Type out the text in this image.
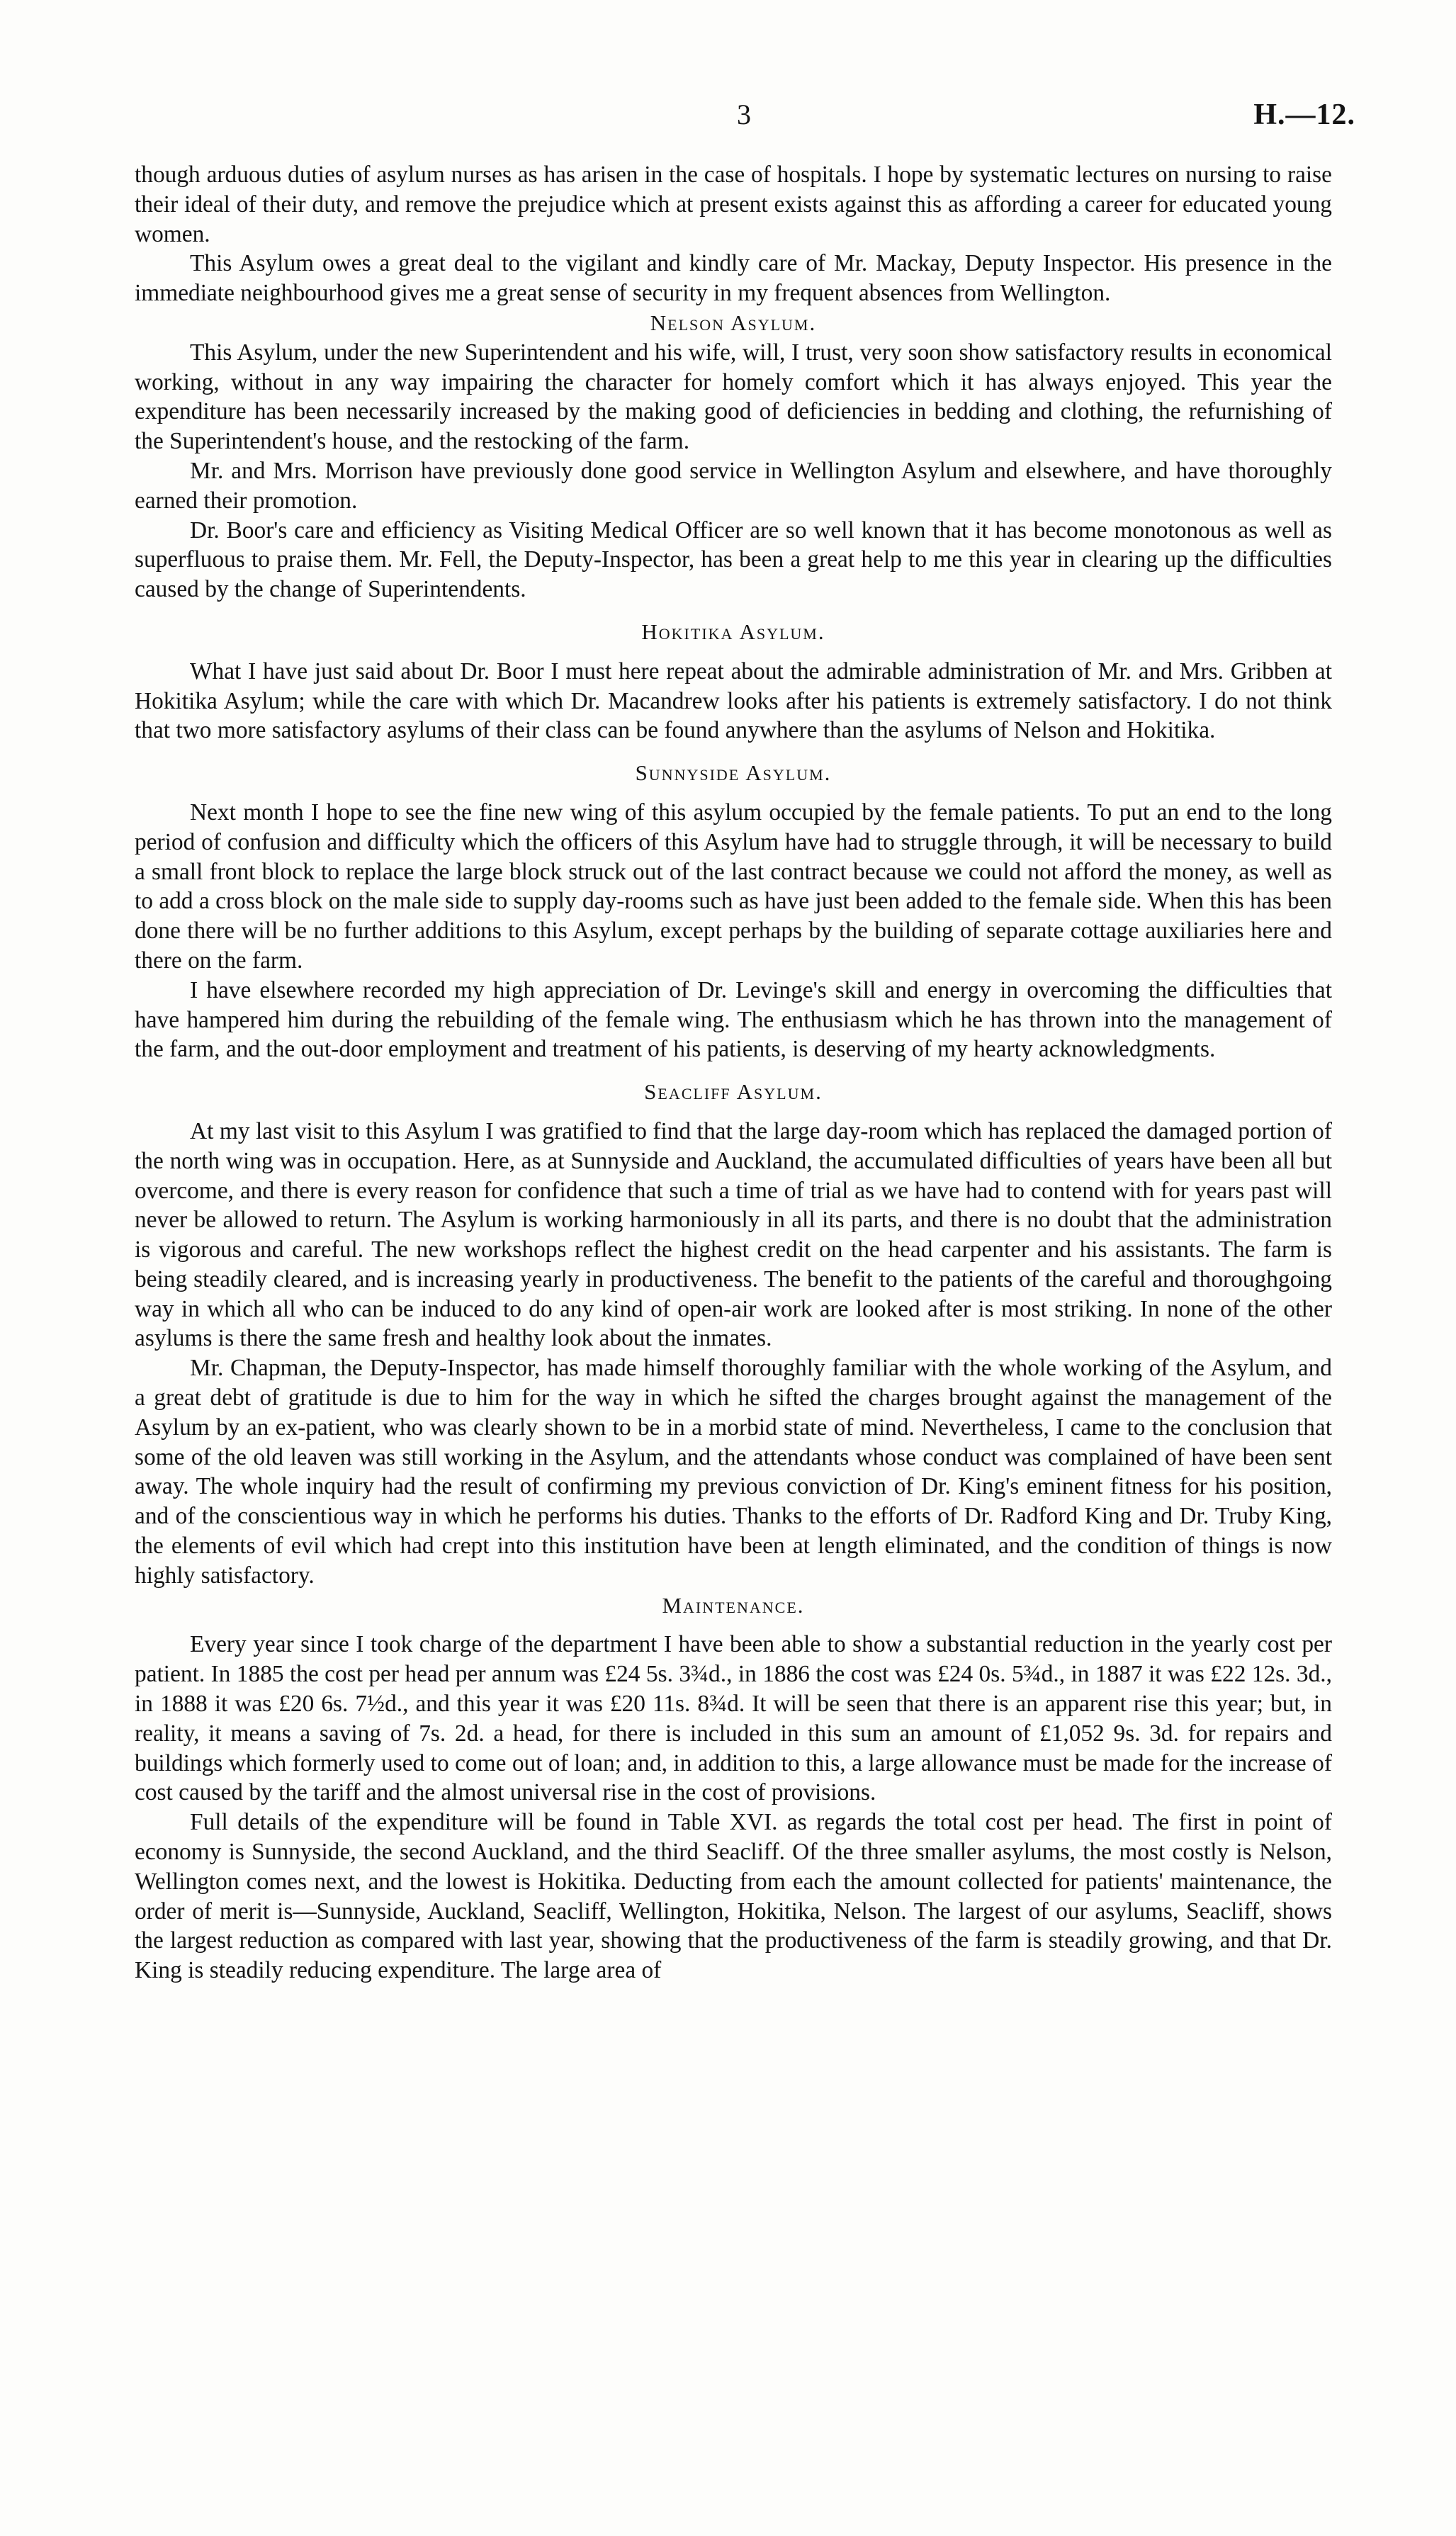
3	H.—12.

though arduous duties of asylum nurses as has arisen in the case of hospitals. I hope by systematic lectures on nursing to raise their ideal of their duty, and remove the prejudice which at present exists against this as affording a career for educated young women.

This Asylum owes a great deal to the vigilant and kindly care of Mr. Mackay, Deputy Inspector. His presence in the immediate neighbourhood gives me a great sense of security in my frequent absences from Wellington.

Nelson Asylum.

This Asylum, under the new Superintendent and his wife, will, I trust, very soon show satisfactory results in economical working, without in any way impairing the character for homely comfort which it has always enjoyed. This year the expenditure has been necessarily increased by the making good of deficiencies in bedding and clothing, the refurnishing of the Superintendent's house, and the restocking of the farm.

Mr. and Mrs. Morrison have previously done good service in Wellington Asylum and elsewhere, and have thoroughly earned their promotion.

Dr. Boor's care and efficiency as Visiting Medical Officer are so well known that it has become monotonous as well as superfluous to praise them. Mr. Fell, the Deputy-Inspector, has been a great help to me this year in clearing up the difficulties caused by the change of Superintendents.

Hokitika Asylum.

What I have just said about Dr. Boor I must here repeat about the admirable administration of Mr. and Mrs. Gribben at Hokitika Asylum; while the care with which Dr. Macandrew looks after his patients is extremely satisfactory. I do not think that two more satisfactory asylums of their class can be found anywhere than the asylums of Nelson and Hokitika.

Sunnyside Asylum.

Next month I hope to see the fine new wing of this asylum occupied by the female patients. To put an end to the long period of confusion and difficulty which the officers of this Asylum have had to struggle through, it will be necessary to build a small front block to replace the large block struck out of the last contract because we could not afford the money, as well as to add a cross block on the male side to supply day-rooms such as have just been added to the female side. When this has been done there will be no further additions to this Asylum, except perhaps by the building of separate cottage auxiliaries here and there on the farm.

I have elsewhere recorded my high appreciation of Dr. Levinge's skill and energy in overcoming the difficulties that have hampered him during the rebuilding of the female wing. The enthusiasm which he has thrown into the management of the farm, and the out-door employment and treatment of his patients, is deserving of my hearty acknowledgments.

Seacliff Asylum.

At my last visit to this Asylum I was gratified to find that the large day-room which has replaced the damaged portion of the north wing was in occupation. Here, as at Sunnyside and Auckland, the accumulated difficulties of years have been all but overcome, and there is every reason for confidence that such a time of trial as we have had to contend with for years past will never be allowed to return. The Asylum is working harmoniously in all its parts, and there is no doubt that the administration is vigorous and careful. The new workshops reflect the highest credit on the head carpenter and his assistants. The farm is being steadily cleared, and is increasing yearly in productiveness. The benefit to the patients of the careful and thoroughgoing way in which all who can be induced to do any kind of open-air work are looked after is most striking. In none of the other asylums is there the same fresh and healthy look about the inmates.

Mr. Chapman, the Deputy-Inspector, has made himself thoroughly familiar with the whole working of the Asylum, and a great debt of gratitude is due to him for the way in which he sifted the charges brought against the management of the Asylum by an ex-patient, who was clearly shown to be in a morbid state of mind. Nevertheless, I came to the conclusion that some of the old leaven was still working in the Asylum, and the attendants whose conduct was complained of have been sent away. The whole inquiry had the result of confirming my previous conviction of Dr. King's eminent fitness for his position, and of the conscientious way in which he performs his duties. Thanks to the efforts of Dr. Radford King and Dr. Truby King, the elements of evil which had crept into this institution have been at length eliminated, and the condition of things is now highly satisfactory.

Maintenance.

Every year since I took charge of the department I have been able to show a substantial reduction in the yearly cost per patient. In 1885 the cost per head per annum was £24 5s. 3¾d., in 1886 the cost was £24 0s. 5¾d., in 1887 it was £22 12s. 3d., in 1888 it was £20 6s. 7½d., and this year it was £20 11s. 8¾d. It will be seen that there is an apparent rise this year; but, in reality, it means a saving of 7s. 2d. a head, for there is included in this sum an amount of £1,052 9s. 3d. for repairs and buildings which formerly used to come out of loan; and, in addition to this, a large allowance must be made for the increase of cost caused by the tariff and the almost universal rise in the cost of provisions.

Full details of the expenditure will be found in Table XVI. as regards the total cost per head. The first in point of economy is Sunnyside, the second Auckland, and the third Seacliff. Of the three smaller asylums, the most costly is Nelson, Wellington comes next, and the lowest is Hokitika. Deducting from each the amount collected for patients' maintenance, the order of merit is—Sunnyside, Auckland, Seacliff, Wellington, Hokitika, Nelson. The largest of our asylums, Seacliff, shows the largest reduction as compared with last year, showing that the productiveness of the farm is steadily growing, and that Dr. King is steadily reducing expenditure. The large area of
